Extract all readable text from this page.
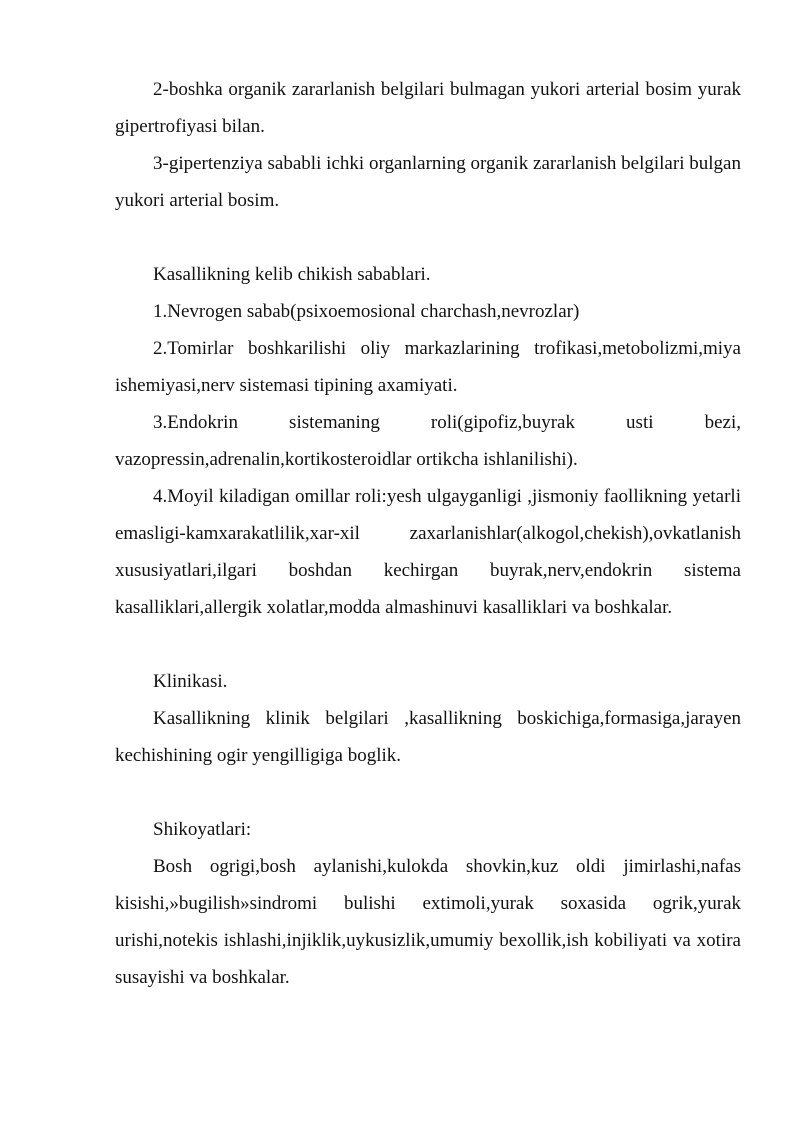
2-boshka organik zararlanish belgilari bulmagan yukori arterial bosim yurak gipertrofiyasi bilan.

3-gipertenziya sababli ichki organlarning organik zararlanish belgilari bulgan yukori arterial bosim.

Kasallikning kelib chikish sabablari.

1.Nevrogen sabab(psixoemosional charchash,nevrozlar)

2.Tomirlar boshkarilishi oliy markazlarining trofikasi,metobolizmi,miya ishemiyasi,nerv sistemasi tipining axamiyati.

3.Endokrin sistemaning roli(gipofiz,buyrak usti bezi, vazopressin,adrenalin,kortikosteroidlar ortikcha ishlanilishi).

4.Moyil kiladigan omillar roli:yesh ulgayganligi ,jismoniy faollikning yetarli emasligi-kamxarakatlilik,xar-xil zaxarlanishlar(alkogol,chekish),ovkatlanish xususiyatlari,ilgari boshdan kechirgan buyrak,nerv,endokrin sistema kasalliklari,allergik xolatlar,modda almashinuvi kasalliklari va boshkalar.

Klinikasi.

Kasallikning klinik belgilari ,kasallikning boskichiga,formasiga,jarayen kechishining ogir yengilligiga boglik.

Shikoyatlari:

Bosh ogrigi,bosh aylanishi,kulokda shovkin,kuz oldi jimirlashi,nafas kisishi,»bugilish»sindromi bulishi extimoli,yurak soxasida ogrik,yurak urishi,notekis ishlashi,injiklik,uykusizlik,umumiy bexollik,ish kobiliyati va xotira susayishi va boshkalar.
